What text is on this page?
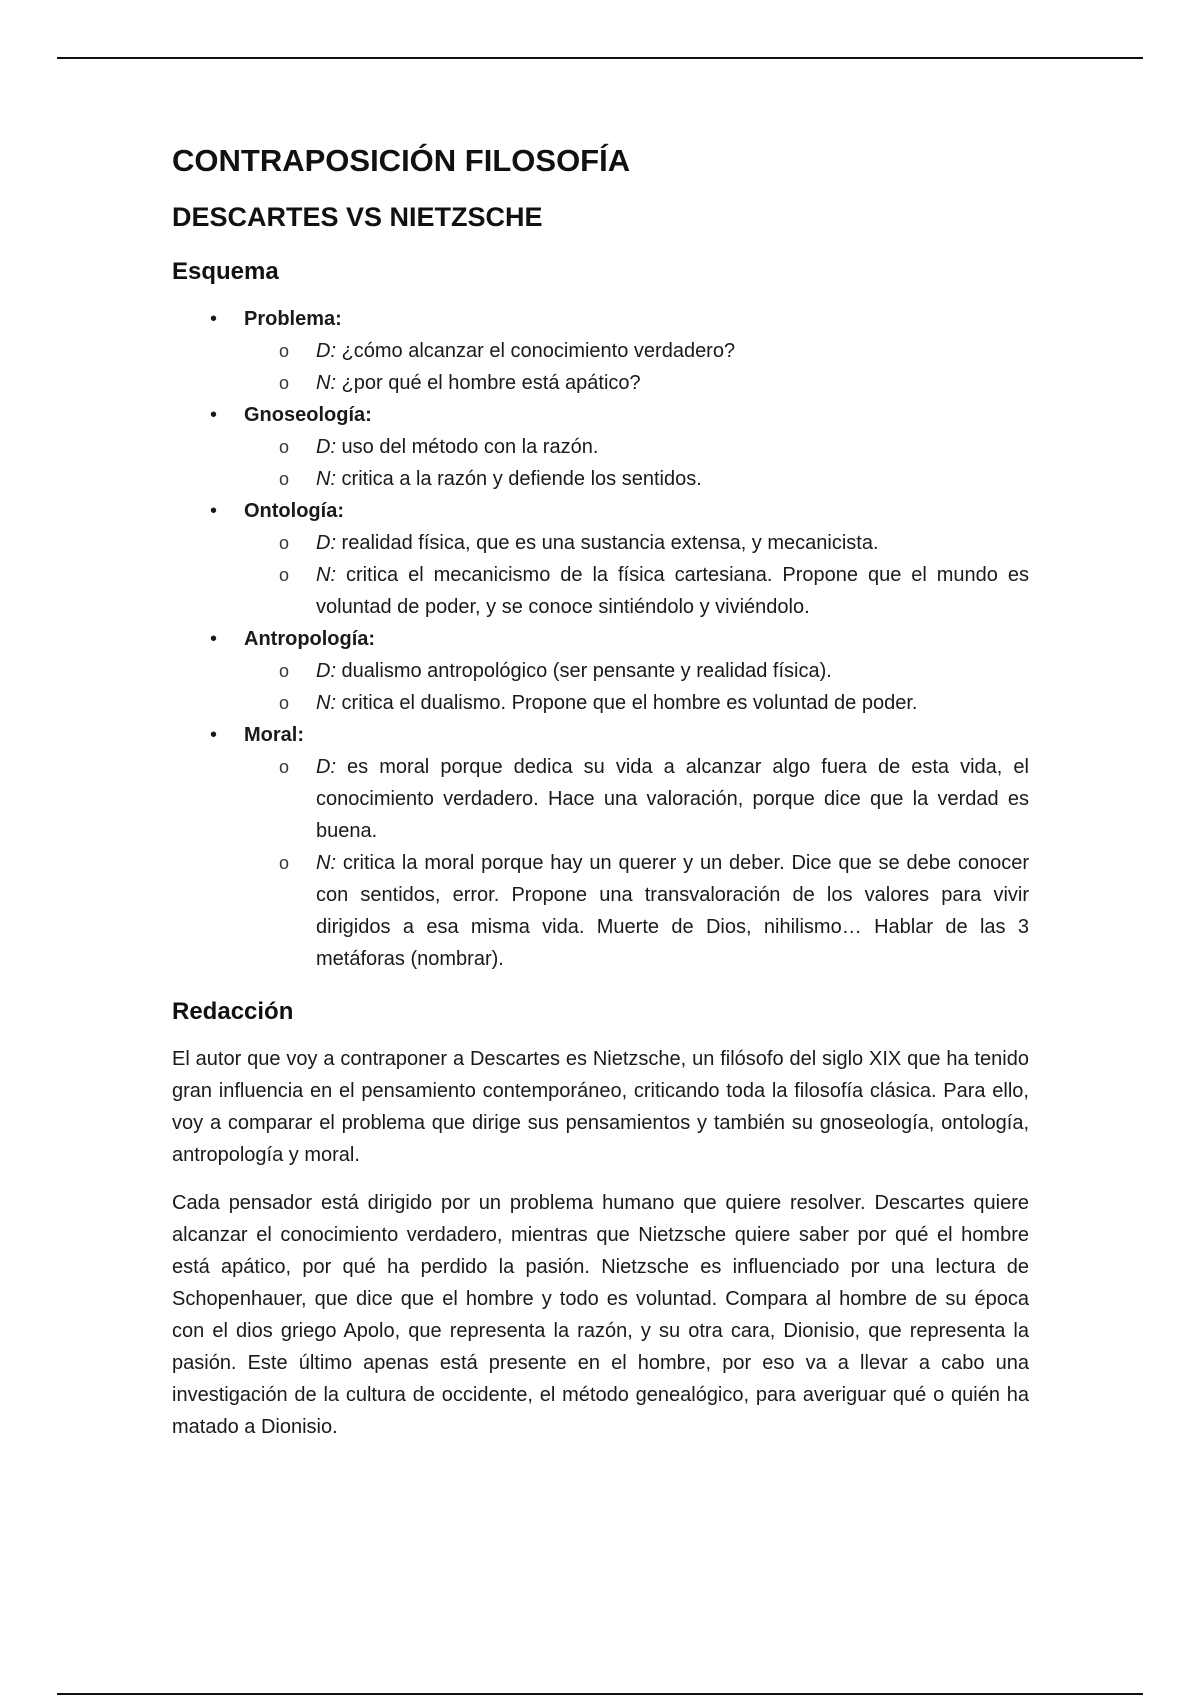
CONTRAPOSICIÓN FILOSOFÍA
DESCARTES VS NIETZSCHE
Esquema
• Problema:
o D: ¿cómo alcanzar el conocimiento verdadero?
o N: ¿por qué el hombre está apático?
• Gnoseología:
o D: uso del método con la razón.
o N: critica a la razón y defiende los sentidos.
• Ontología:
o D: realidad física, que es una sustancia extensa, y mecanicista.
o N: critica el mecanicismo de la física cartesiana. Propone que el mundo es voluntad de poder, y se conoce sintiéndolo y viviéndolo.
• Antropología:
o D: dualismo antropológico (ser pensante y realidad física).
o N: critica el dualismo. Propone que el hombre es voluntad de poder.
• Moral:
o D: es moral porque dedica su vida a alcanzar algo fuera de esta vida, el conocimiento verdadero. Hace una valoración, porque dice que la verdad es buena.
o N: critica la moral porque hay un querer y un deber. Dice que se debe conocer con sentidos, error. Propone una transvaloración de los valores para vivir dirigidos a esa misma vida. Muerte de Dios, nihilismo… Hablar de las 3 metáforas (nombrar).
Redacción

El autor que voy a contraponer a Descartes es Nietzsche, un filósofo del siglo XIX que ha tenido gran influencia en el pensamiento contemporáneo, criticando toda la filosofía clásica. Para ello, voy a comparar el problema que dirige sus pensamientos y también su gnoseología, ontología, antropología y moral.

Cada pensador está dirigido por un problema humano que quiere resolver. Descartes quiere alcanzar el conocimiento verdadero, mientras que Nietzsche quiere saber por qué el hombre está apático, por qué ha perdido la pasión. Nietzsche es influenciado por una lectura de Schopenhauer, que dice que el hombre y todo es voluntad. Compara al hombre de su época con el dios griego Apolo, que representa la razón, y su otra cara, Dionisio, que representa la pasión. Este último apenas está presente en el hombre, por eso va a llevar a cabo una investigación de la cultura de occidente, el método genealógico, para averiguar qué o quién ha matado a Dionisio.
